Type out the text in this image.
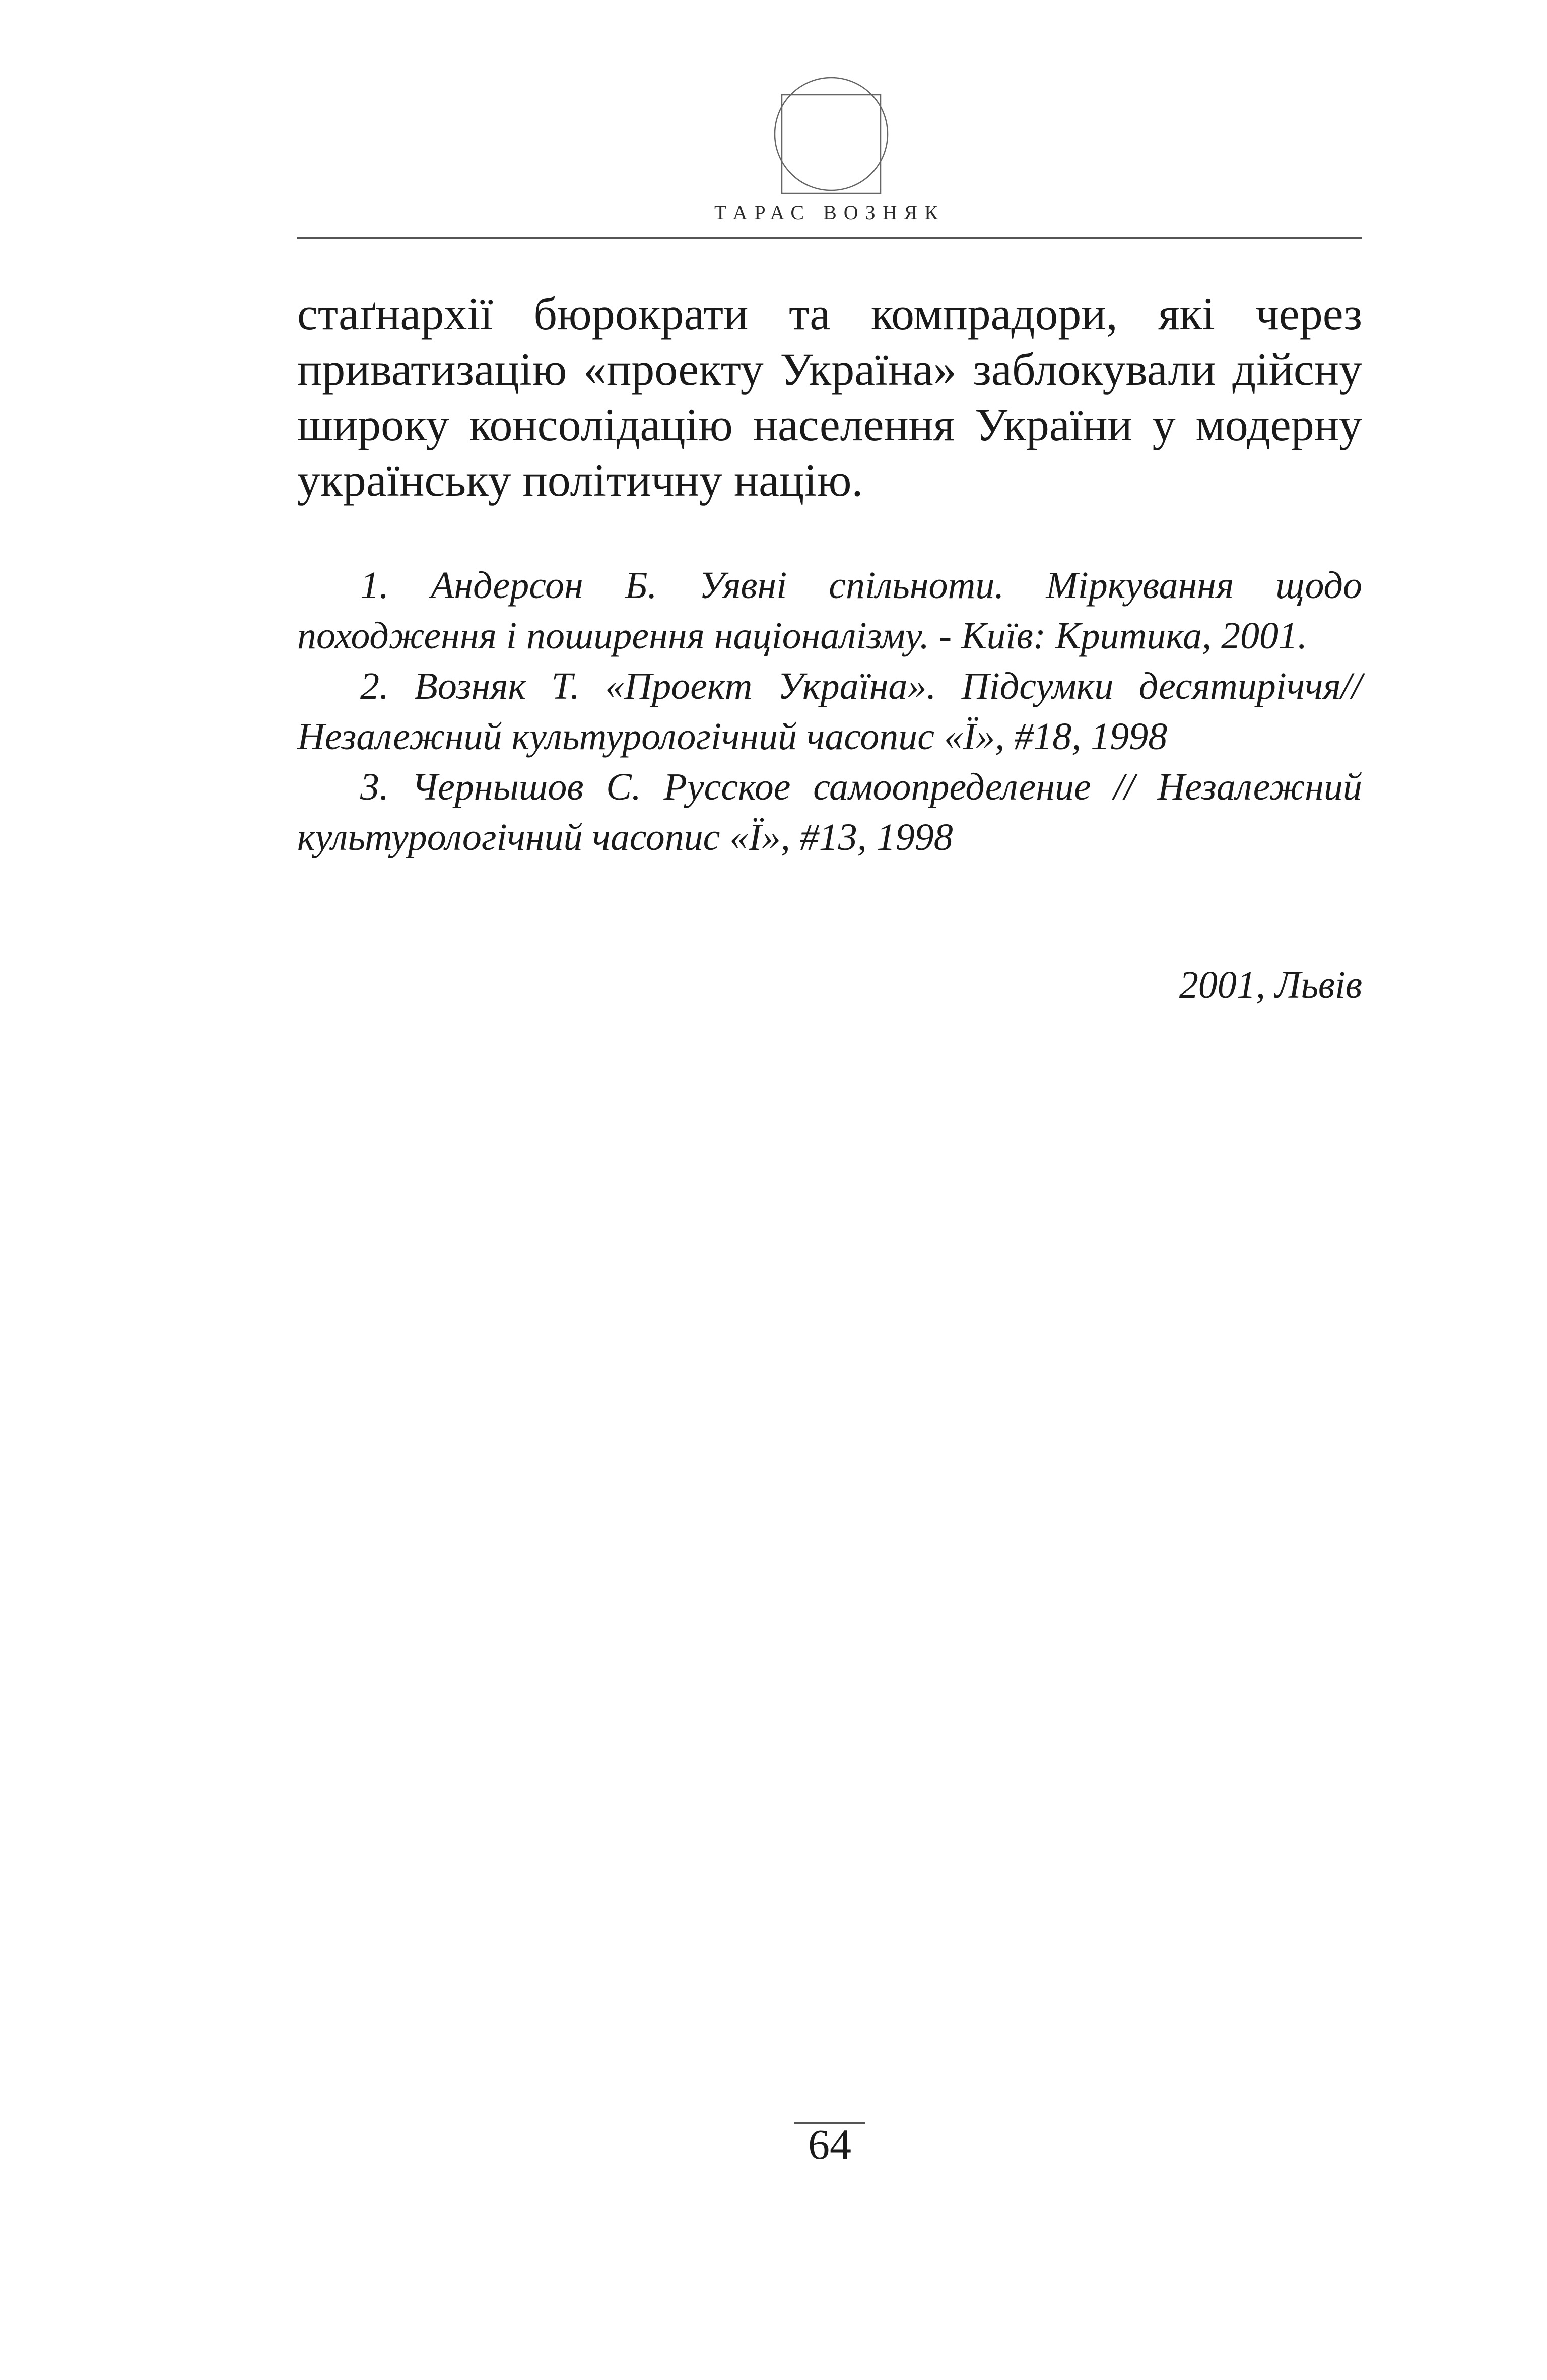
ТАРАС ВОЗНЯК

стаґнархії бюрократи та компрадори, які через приватизацію «проекту Україна» заблокували дійсну широку консолідацію населення України у модерну українську політичну націю.

1. Андерсон Б. Уявні спільноти. Міркування щодо походження і поширення націоналізму. - Київ: Критика, 2001.
2. Возняк Т. «Проект Україна». Підсумки десятиріччя// Незалежний культурологічний часопис «Ї», #18, 1998
3. Чернышов С. Русское самоопределение // Незалежний культурологічний часопис «Ї», #13, 1998
2001, Львів
64
